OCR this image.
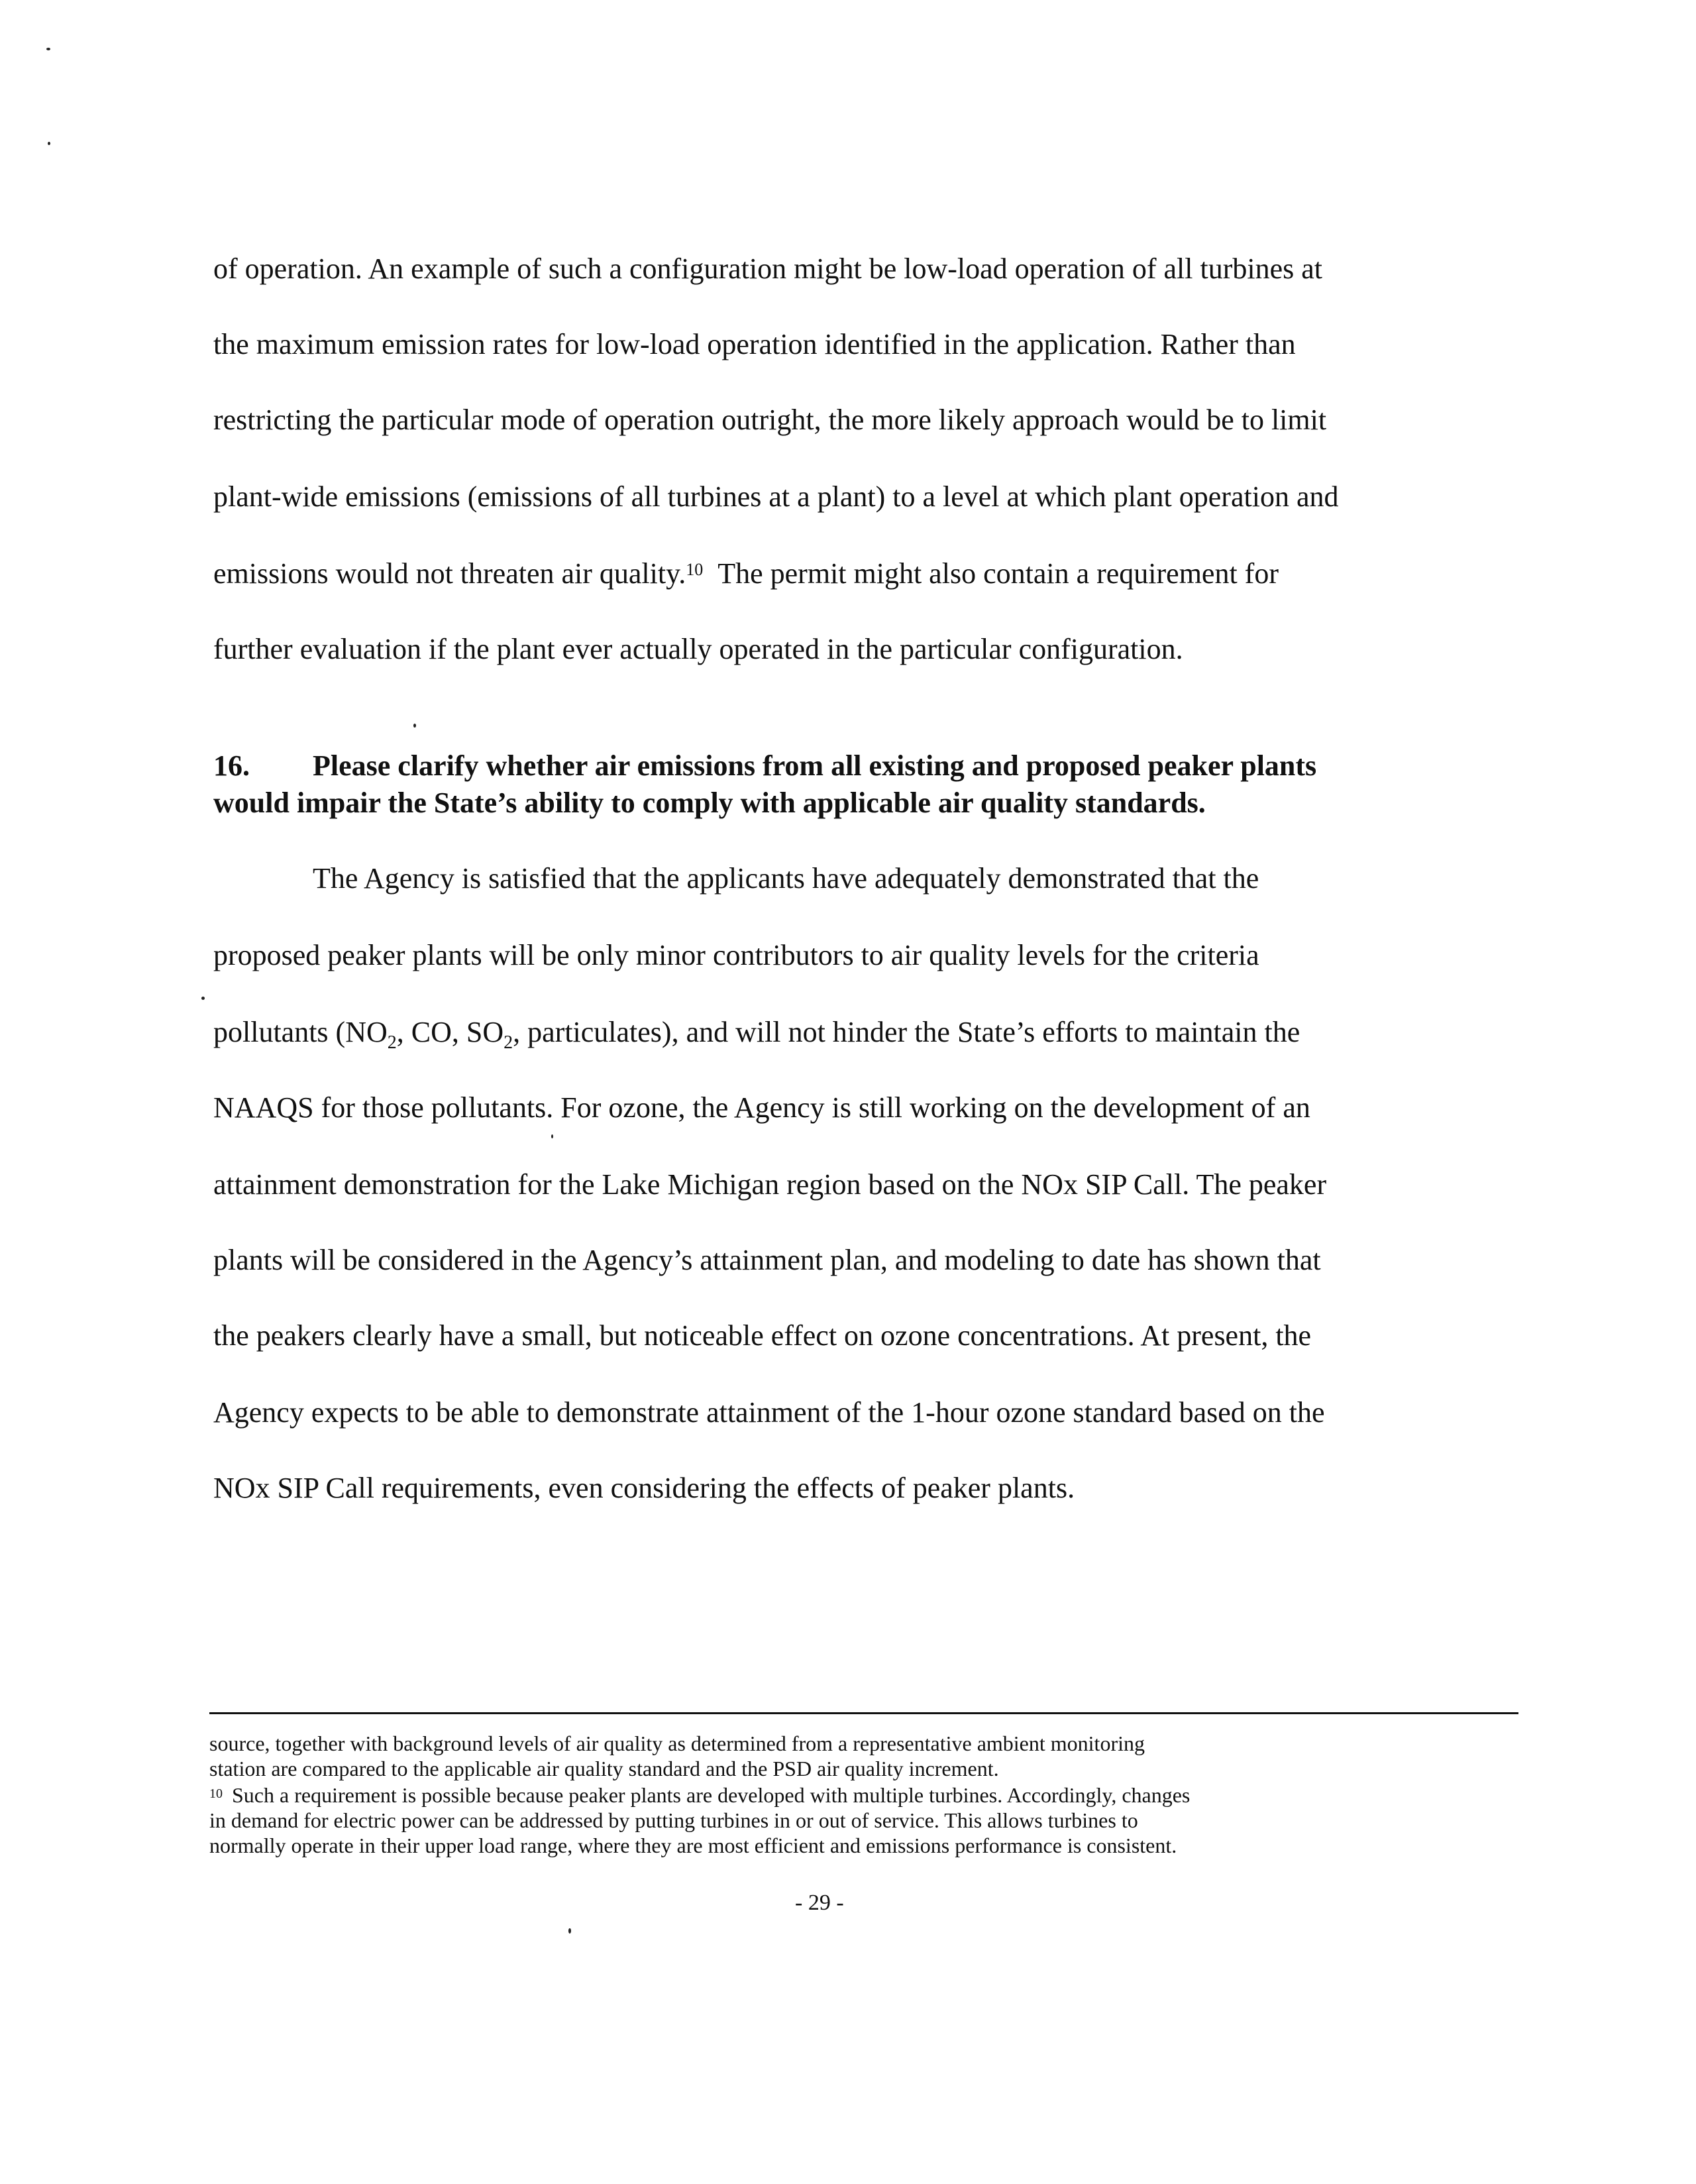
of operation. An example of such a configuration might be low-load operation of all turbines at
the maximum emission rates for low-load operation identified in the application. Rather than
restricting the particular mode of operation outright, the more likely approach would be to limit
plant-wide emissions (emissions of all turbines at a plant) to a level at which plant operation and
emissions would not threaten air quality.$^{10}$ The permit might also contain a requirement for
further evaluation if the plant ever actually operated in the particular configuration.
16. Please clarify whether air emissions from all existing and proposed peaker plants
would impair the State’s ability to comply with applicable air quality standards.
The Agency is satisfied that the applicants have adequately demonstrated that the
proposed peaker plants will be only minor contributors to air quality levels for the criteria
pollutants ($NO_2$, CO, $SO_2$, particulates), and will not hinder the State’s efforts to maintain the
NAAQS for those pollutants. For ozone, the Agency is still working on the development of an
attainment demonstration for the Lake Michigan region based on the NOx SIP Call. The peaker
plants will be considered in the Agency’s attainment plan, and modeling to date has shown that
the peakers clearly have a small, but noticeable effect on ozone concentrations. At present, the
Agency expects to be able to demonstrate attainment of the 1-hour ozone standard based on the
NOx SIP Call requirements, even considering the effects of peaker plants.
source, together with background levels of air quality as determined from a representative ambient monitoring
station are compared to the applicable air quality standard and the PSD air quality increment.
$^{10}$ Such a requirement is possible because peaker plants are developed with multiple turbines. Accordingly, changes
in demand for electric power can be addressed by putting turbines in or out of service. This allows turbines to
normally operate in their upper load range, where they are most efficient and emissions performance is consistent.
- 29 -
